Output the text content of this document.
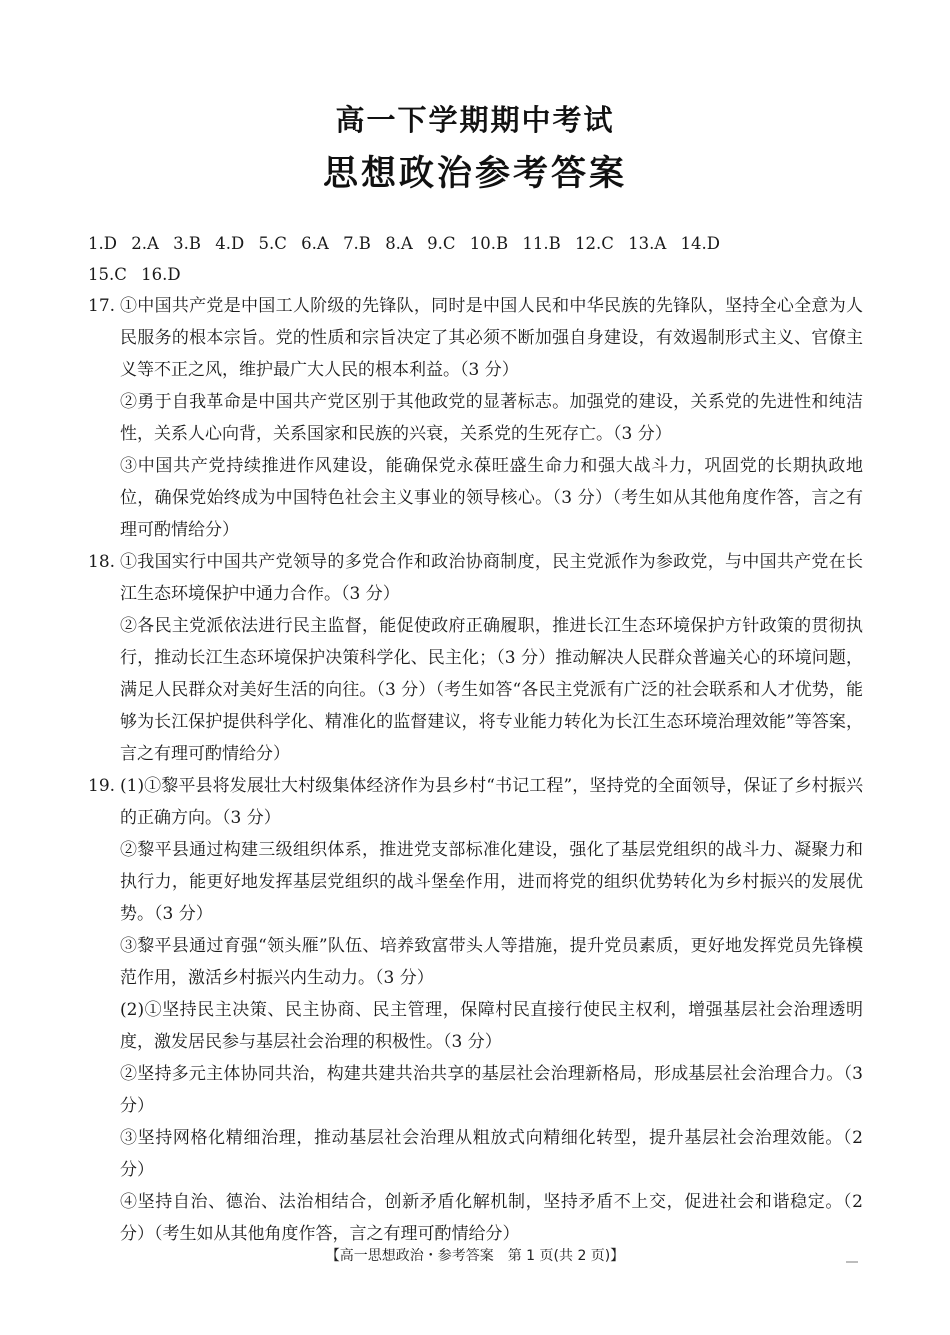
高一下学期期中考试
思想政治参考答案
1.D 2.A 3.B 4.D 5.C 6.A 7.B 8.A 9.C 10.B 11.B 12.C 13.A 14.D
15.C 16.D
17. ①中国共产党是中国工人阶级的先锋队，同时是中国人民和中华民族的先锋队，坚持全心全意为人民服务的根本宗旨。党的性质和宗旨决定了其必须不断加强自身建设，有效遏制形式主义、官僚主义等不正之风，维护最广大人民的根本利益。（3 分）

②勇于自我革命是中国共产党区别于其他政党的显著标志。加强党的建设，关系党的先进性和纯洁性，关系人心向背，关系国家和民族的兴衰，关系党的生死存亡。（3 分）

③中国共产党持续推进作风建设，能确保党永葆旺盛生命力和强大战斗力，巩固党的长期执政地位，确保党始终成为中国特色社会主义事业的领导核心。（3 分）（考生如从其他角度作答，言之有理可酌情给分）

18. ①我国实行中国共产党领导的多党合作和政治协商制度，民主党派作为参政党，与中国共产党在长江生态环境保护中通力合作。（3 分）

②各民主党派依法进行民主监督，能促使政府正确履职，推进长江生态环境保护方针政策的贯彻执行，推动长江生态环境保护决策科学化、民主化；（3 分）推动解决人民群众普遍关心的环境问题，满足人民群众对美好生活的向往。（3 分）（考生如答“各民主党派有广泛的社会联系和人才优势，能够为长江保护提供科学化、精准化的监督建议，将专业能力转化为长江生态环境治理效能”等答案，言之有理可酌情给分）

19. (1)①黎平县将发展壮大村级集体经济作为县乡村“书记工程”，坚持党的全面领导，保证了乡村振兴的正确方向。（3 分）

②黎平县通过构建三级组织体系，推进党支部标准化建设，强化了基层党组织的战斗力、凝聚力和执行力，能更好地发挥基层党组织的战斗堡垒作用，进而将党的组织优势转化为乡村振兴的发展优势。（3 分）

③黎平县通过育强“领头雁”队伍、培养致富带头人等措施，提升党员素质，更好地发挥党员先锋模范作用，激活乡村振兴内生动力。（3 分）

(2)①坚持民主决策、民主协商、民主管理，保障村民直接行使民主权利，增强基层社会治理透明度，激发居民参与基层社会治理的积极性。（3 分）

②坚持多元主体协同共治，构建共建共治共享的基层社会治理新格局，形成基层社会治理合力。（3 分）

③坚持网格化精细治理，推动基层社会治理从粗放式向精细化转型，提升基层社会治理效能。（2 分）

④坚持自治、德治、法治相结合，创新矛盾化解机制，坚持矛盾不上交，促进社会和谐稳定。（2 分）（考生如从其他角度作答，言之有理可酌情给分）

【高一思想政治・参考答案　第 1 页(共 2 页)】
